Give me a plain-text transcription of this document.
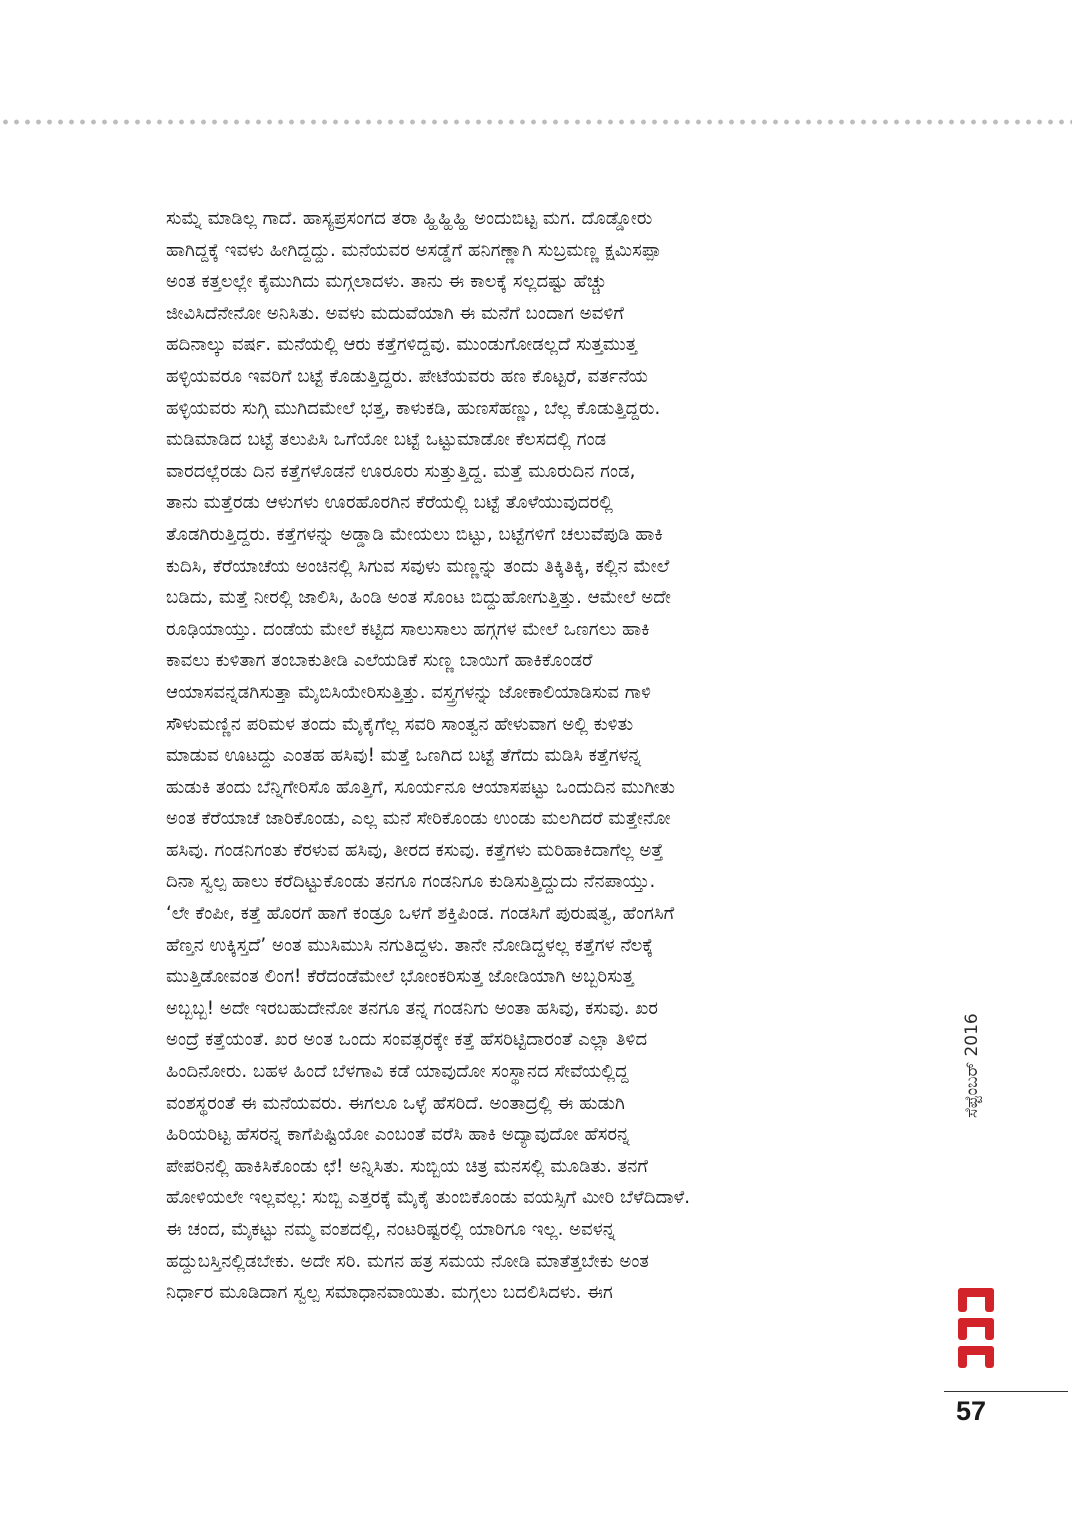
ಸುಮ್ನೆ ಮಾಡಿಲ್ಲ ಗಾದೆ. ಹಾಸ್ಯಪ್ರಸಂಗದ ತರಾ ಹ್ಹಿಹ್ಹಿಹ್ಹಿ ಅಂದುಬಿಟ್ಟ ಮಗ. ದೊಡ್ಡೋರು
ಹಾಗಿದ್ದಕ್ಕೆ ಇವಳು ಹೀಗಿದ್ದದ್ದು. ಮನೆಯವರ ಅಸಡ್ಡೆಗೆ ಹನಿಗಣ್ಣಾಗಿ ಸುಬ್ರಮಣ್ಣ ಕ್ಷಮಿಸಪ್ಪಾ
ಅಂತ ಕತ್ತಲಲ್ಲೇ ಕೈಮುಗಿದು ಮಗ್ಗಲಾದಳು. ತಾನು ಈ ಕಾಲಕ್ಕೆ ಸಲ್ಲದಷ್ಟು ಹೆಚ್ಚು
ಜೀವಿಸಿದೆನೇನೋ ಅನಿಸಿತು. ಅವಳು ಮದುವೆಯಾಗಿ ಈ ಮನೆಗೆ ಬಂದಾಗ ಅವಳಿಗೆ
ಹದಿನಾಲ್ಕು ವರ್ಷ. ಮನೆಯಲ್ಲಿ ಆರು ಕತ್ತೆಗಳಿದ್ದವು. ಮುಂಡುಗೋಡಲ್ಲದೆ ಸುತ್ತಮುತ್ತ
ಹಳ್ಳಿಯವರೂ ಇವರಿಗೆ ಬಟ್ಟೆ ಕೊಡುತ್ತಿದ್ದರು. ಪೇಟೆಯವರು ಹಣ ಕೊಟ್ಟರೆ, ವರ್ತನೆಯ
ಹಳ್ಳಿಯವರು ಸುಗ್ಗಿ ಮುಗಿದಮೇಲೆ ಭತ್ತ, ಕಾಳುಕಡಿ, ಹುಣಸೆಹಣ್ಣು, ಬೆಲ್ಲ ಕೊಡುತ್ತಿದ್ದರು.
ಮಡಿಮಾಡಿದ ಬಟ್ಟೆ ತಲುಪಿಸಿ ಒಗೆಯೋ ಬಟ್ಟೆ ಒಟ್ಟುಮಾಡೋ ಕೆಲಸದಲ್ಲಿ ಗಂಡ
ವಾರದಲ್ಲೆರಡು ದಿನ ಕತ್ತೆಗಳೊಡನೆ ಊರೂರು ಸುತ್ತುತ್ತಿದ್ದ. ಮತ್ತೆ ಮೂರುದಿನ ಗಂಡ,
ತಾನು ಮತ್ತೆರಡು ಆಳುಗಳು ಊರಹೊರಗಿನ ಕೆರೆಯಲ್ಲಿ ಬಟ್ಟೆ ತೊಳೆಯುವುದರಲ್ಲಿ
ತೊಡಗಿರುತ್ತಿದ್ದರು. ಕತ್ತೆಗಳನ್ನು ಅಡ್ಡಾಡಿ ಮೇಯಲು ಬಿಟ್ಟು, ಬಟ್ಟೆಗಳಿಗೆ ಚಲುವೆಪುಡಿ ಹಾಕಿ
ಕುದಿಸಿ, ಕೆರೆಯಾಚೆಯ ಅಂಚಿನಲ್ಲಿ ಸಿಗುವ ಸವುಳು ಮಣ್ಣನ್ನು ತಂದು ತಿಕ್ಕಿತಿಕ್ಕಿ, ಕಲ್ಲಿನ ಮೇಲೆ
ಬಡಿದು, ಮತ್ತೆ ನೀರಲ್ಲಿ ಜಾಲಿಸಿ, ಹಿಂಡಿ ಅಂತ ಸೊಂಟ ಬಿದ್ದುಹೋಗುತ್ತಿತ್ತು. ಆಮೇಲೆ ಅದೇ
ರೂಢಿಯಾಯ್ತು. ದಂಡೆಯ ಮೇಲೆ ಕಟ್ಟಿದ ಸಾಲುಸಾಲು ಹಗ್ಗಗಳ ಮೇಲೆ ಒಣಗಲು ಹಾಕಿ
ಕಾವಲು ಕುಳಿತಾಗ ತಂಬಾಕುತೀಡಿ ಎಲೆಯಡಿಕೆ ಸುಣ್ಣ ಬಾಯಿಗೆ ಹಾಕಿಕೊಂಡರೆ
ಆಯಾಸವನ್ನಡಗಿಸುತ್ತಾ ಮೈಬಿಸಿಯೇರಿಸುತ್ತಿತ್ತು. ವಸ್ತ್ರಗಳನ್ನು ಜೋಕಾಲಿಯಾಡಿಸುವ ಗಾಳಿ
ಸೌಳುಮಣ್ಣಿನ ಪರಿಮಳ ತಂದು ಮೈಕೈಗೆಲ್ಲ ಸವರಿ ಸಾಂತ್ವನ ಹೇಳುವಾಗ ಅಲ್ಲಿ ಕುಳಿತು
ಮಾಡುವ ಊಟದ್ದು ಎಂತಹ ಹಸಿವು! ಮತ್ತೆ ಒಣಗಿದ ಬಟ್ಟೆ ತೆಗೆದು ಮಡಿಸಿ ಕತ್ತೆಗಳನ್ನ
ಹುಡುಕಿ ತಂದು ಬೆನ್ನಿಗೇರಿಸೊ ಹೊತ್ತಿಗೆ, ಸೂರ್ಯನೂ ಆಯಾಸಪಟ್ಟು ಒಂದುದಿನ ಮುಗೀತು
ಅಂತ ಕೆರೆಯಾಚೆ ಜಾರಿಕೊಂಡು, ಎಲ್ಲ ಮನೆ ಸೇರಿಕೊಂಡು ಉಂಡು ಮಲಗಿದರೆ ಮತ್ತೇನೋ
ಹಸಿವು. ಗಂಡನಿಗಂತು ಕೆರಳುವ ಹಸಿವು, ತೀರದ ಕಸುವು. ಕತ್ತೆಗಳು ಮರಿಹಾಕಿದಾಗೆಲ್ಲ ಅತ್ತೆ
ದಿನಾ ಸ್ವಲ್ಪ ಹಾಲು ಕರೆದಿಟ್ಟುಕೊಂಡು ತನಗೂ ಗಂಡನಿಗೂ ಕುಡಿಸುತ್ತಿದ್ದುದು ನೆನಪಾಯ್ತು.
‘ಲೇ ಕೆಂಪೀ, ಕತ್ತೆ ಹೊರಗೆ ಹಾಗೆ ಕಂಡ್ರೂ ಒಳಗೆ ಶಕ್ತಿಪಿಂಡ. ಗಂಡಸಿಗೆ ಪುರುಷತ್ವ, ಹೆಂಗಸಿಗೆ
ಹೆಣ್ತನ ಉಕ್ಕಿಸ್ತದೆ’ ಅಂತ ಮುಸಿಮುಸಿ ನಗುತಿದ್ದಳು. ತಾನೇ ನೋಡಿದ್ದಳಲ್ಲ ಕತ್ತೆಗಳ ನೆಲಕ್ಕೆ
ಮುತ್ತಿಡೋವಂತ ಲಿಂಗ! ಕೆರೆದಂಡೆಮೇಲೆ ಭೋಂಕರಿಸುತ್ತ ಜೋಡಿಯಾಗಿ ಅಬ್ಬರಿಸುತ್ತ
ಅಬ್ಬಬ್ಬ! ಅದೇ ಇರಬಹುದೇನೋ ತನಗೂ ತನ್ನ ಗಂಡನಿಗು ಅಂತಾ ಹಸಿವು, ಕಸುವು. ಖರ
ಅಂದ್ರೆ ಕತ್ತೆಯಂತೆ. ಖರ ಅಂತ ಒಂದು ಸಂವತ್ಸರಕ್ಕೇ ಕತ್ತೆ ಹೆಸರಿಟ್ಟಿದಾರಂತೆ ಎಲ್ಲಾ ತಿಳಿದ
ಹಿಂದಿನೋರು. ಬಹಳ ಹಿಂದೆ ಬೆಳಗಾವಿ ಕಡೆ ಯಾವುದೋ ಸಂಸ್ಥಾನದ ಸೇವೆಯಲ್ಲಿದ್ದ
ವಂಶಸ್ಥರಂತೆ ಈ ಮನೆಯವರು. ಈಗಲೂ ಒಳ್ಳೆ ಹೆಸರಿದೆ. ಅಂತಾದ್ರಲ್ಲಿ ಈ ಹುಡುಗಿ
ಹಿರಿಯರಿಟ್ಟ ಹೆಸರನ್ನ ಕಾಗೆಪಿಷ್ಟಿಯೋ ಎಂಬಂತೆ ವರೆಸಿ ಹಾಕಿ ಅದ್ಯಾವುದೋ ಹೆಸರನ್ನ
ಪೇಪರಿನಲ್ಲಿ ಹಾಕಿಸಿಕೊಂಡು ಛೆ! ಅನ್ನಿಸಿತು. ಸುಬ್ಬಿಯ ಚಿತ್ರ ಮನಸಲ್ಲಿ ಮೂಡಿತು. ತನಗೆ
ಹೋಳಿಯಲೇ ಇಲ್ಲವಲ್ಲ: ಸುಬ್ಬಿ ಎತ್ತರಕ್ಕೆ ಮೈಕೈ ತುಂಬಿಕೊಂಡು ವಯಸ್ಸಿಗೆ ಮೀರಿ ಬೆಳೆದಿದಾಳೆ.
ಈ ಚಂದ, ಮೈಕಟ್ಟು ನಮ್ಮ ವಂಶದಲ್ಲಿ, ನಂಟರಿಷ್ಟರಲ್ಲಿ ಯಾರಿಗೂ ಇಲ್ಲ. ಅವಳನ್ನ
ಹದ್ದುಬಸ್ತಿನಲ್ಲಿಡಬೇಕು. ಅದೇ ಸರಿ. ಮಗನ ಹತ್ರ ಸಮಯ ನೋಡಿ ಮಾತೆತ್ತಬೇಕು ಅಂತ
ನಿರ್ಧಾರ ಮೂಡಿದಾಗ ಸ್ವಲ್ಪ ಸಮಾಧಾನವಾಯಿತು. ಮಗ್ಗಲು ಬದಲಿಸಿದಳು. ಈಗ
ಸೆಪ್ಟೆಂಬರ್ 2016
57
